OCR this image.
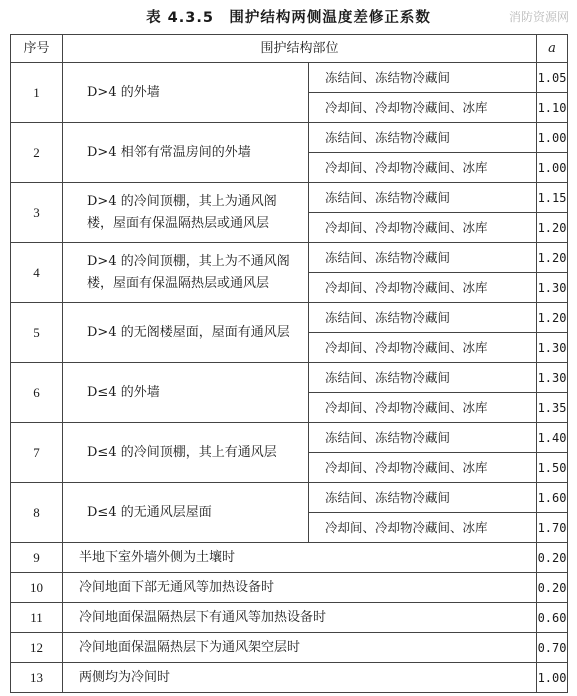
表 4.3.5　围护结构两侧温度差修正系数	消防资源网
序号	围护结构部位		a
1	D>4 的外墙	冻结间、冻结物冷藏间	1.05
		冷却间、冷却物冷藏间、冰库	1.10
2	D>4 相邻有常温房间的外墙	冻结间、冻结物冷藏间	1.00
		冷却间、冷却物冷藏间、冰库	1.00
3	D>4 的冷间顶棚，其上为通风阁楼，屋面有保温隔热层或通风层	冻结间、冻结物冷藏间	1.15
		冷却间、冷却物冷藏间、冰库	1.20
4	D>4 的冷间顶棚，其上为不通风阁楼，屋面有保温隔热层或通风层	冻结间、冻结物冷藏间	1.20
		冷却间、冷却物冷藏间、冰库	1.30
5	D>4 的无阁楼屋面，屋面有通风层	冻结间、冻结物冷藏间	1.20
		冷却间、冷却物冷藏间、冰库	1.30
6	D≤4 的外墙	冻结间、冻结物冷藏间	1.30
		冷却间、冷却物冷藏间、冰库	1.35
7	D≤4 的冷间顶棚，其上有通风层	冻结间、冻结物冷藏间	1.40
		冷却间、冷却物冷藏间、冰库	1.50
8	D≤4 的无通风层屋面	冻结间、冻结物冷藏间	1.60
		冷却间、冷却物冷藏间、冰库	1.70
9	半地下室外墙外侧为土壤时		0.20
10	冷间地面下部无通风等加热设备时		0.20
11	冷间地面保温隔热层下有通风等加热设备时		0.60
12	冷间地面保温隔热层下为通风架空层时		0.70
13	两侧均为冷间时		1.00
